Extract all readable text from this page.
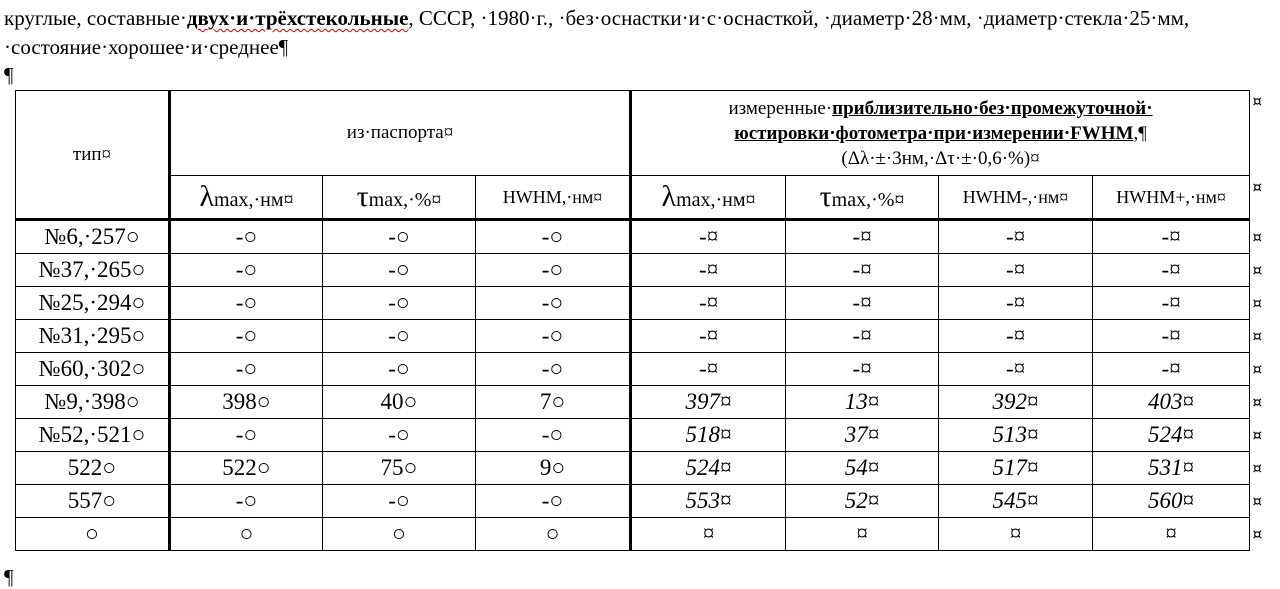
круглые, составные·двух·и·трёхстекольные, СССР, ·1980·г., ·без·оснастки·и·с·оснасткой, ·диаметр·28·мм, ·диаметр·стекла·25·мм, ·состояние·хорошее·и·среднее¶
¶
тип¤	из·паспорта¤			измеренные·приблизительно·без·промежуточной·
юстировки·фотометра·при·измерении·FWHM,¶
(Δλ·±·3нм,·Δτ·±·0,6·%)¤			
	λmax,·нм¤	τmax,·%¤	HWHM,·нм¤	λmax,·нм¤	τmax,·%¤	HWHM-,·нм¤	HWHM+,·нм¤
№6,·257○	-○	-○	-○	-¤	-¤	-¤	-¤
№37,·265○	-○	-○	-○	-¤	-¤	-¤	-¤
№25,·294○	-○	-○	-○	-¤	-¤	-¤	-¤
№31,·295○	-○	-○	-○	-¤	-¤	-¤	-¤
№60,·302○	-○	-○	-○	-¤	-¤	-¤	-¤
№9,·398○	398○	40○	7○	397¤	13¤	392¤	403¤
№52,·521○	-○	-○	-○	518¤	37¤	513¤	524¤
522○	522○	75○	9○	524¤	54¤	517¤	531¤
557○	-○	-○	-○	553¤	52¤	545¤	560¤
○	○	○	○	¤	¤	¤	¤
¤
¤
¤
¤
¤
¤
¤
¤
¤
¤
¤
¤
¶
